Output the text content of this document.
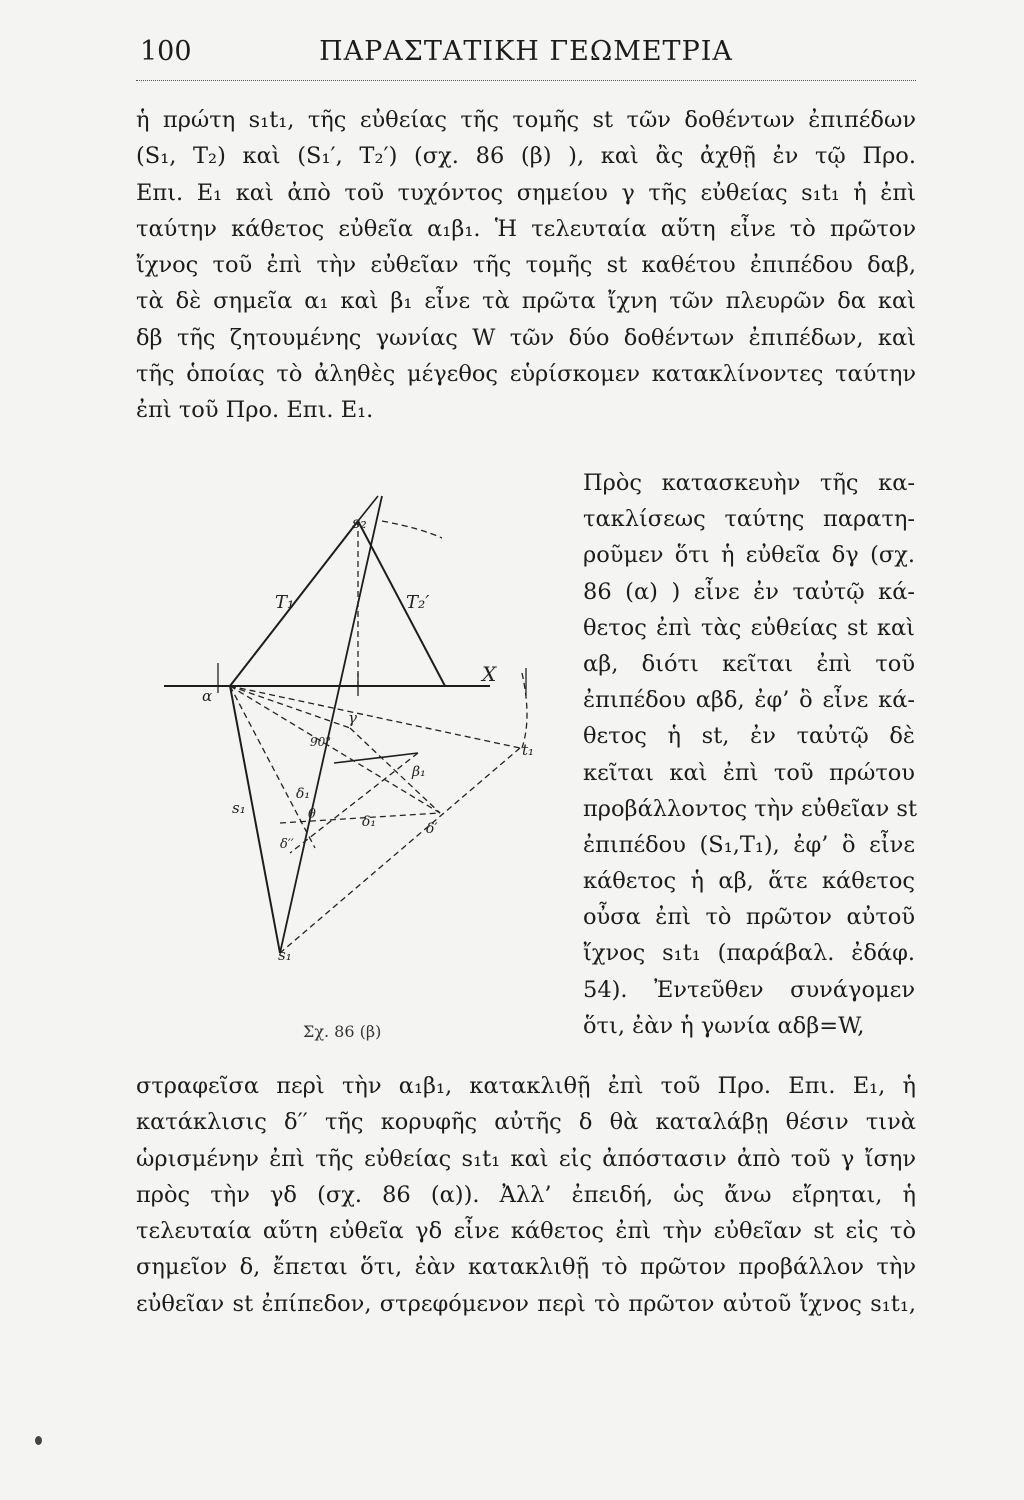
100	ΠΑΡΑΣΤΑΤΙΚΗ ΓΕΩΜΕΤΡΙΑ
ἡ πρώτη s₁t₁, τῆς εὐθείας τῆς τομῆς st τῶν δοθέντων ἐπιπέδων
(S₁, T₂) καὶ (S₁′, T₂′) (σχ. 86 (β) ), καὶ ἂς ἀχθῇ ἐν τῷ Προ.
Επι. Ε₁ καὶ ἀπὸ τοῦ τυχόντος σημείου γ τῆς εὐθείας s₁t₁ ἡ ἐπὶ
ταύτην κάθετος εὐθεῖα α₁β₁. Ἡ τελευταία αὕτη εἶνε τὸ πρῶτον
ἴχνος τοῦ ἐπὶ τὴν εὐθεῖαν τῆς τομῆς st καθέτου ἐπιπέδου δαβ,
τὰ δὲ σημεῖα α₁ καὶ β₁ εἶνε τὰ πρῶτα ἴχνη τῶν πλευρῶν δα καὶ
δβ τῆς ζητουμένης γωνίας W τῶν δύο δοθέντων ἐπιπέδων, καὶ
τῆς ὁποίας τὸ ἀληθὲς μέγεθος εὑρίσκομεν κατακλίνοντες ταύτην
ἐπὶ τοῦ Προ. Επι. Ε₁.
Πρὸς κατασκευὴν τῆς κα-
τακλίσεως ταύτης παρατη-
ροῦμεν ὅτι ἡ εὐθεῖα δγ (σχ.
86 (α) ) εἶνε ἐν ταὐτῷ κά-
θετος ἐπὶ τὰς εὐθείας st καὶ
αβ, διότι κεῖται ἐπὶ τοῦ
ἐπιπέδου αβδ, ἐφ’ ὃ εἶνε κά-
θετος ἡ st, ἐν ταὐτῷ δὲ
κεῖται καὶ ἐπὶ τοῦ πρώτου
προβάλλοντος τὴν εὐθεῖαν st
ἐπιπέδου (S₁,T₁), ἐφ’ ὃ εἶνε
κάθετος ἡ αβ, ἅτε κάθετος
οὖσα ἐπὶ τὸ πρῶτον αὐτοῦ
ἴχνος s₁t₁ (παράβαλ. ἐδάφ.
54). Ἐντεῦθεν συνάγομεν
ὅτι, ἐὰν ἡ γωνία αδβ=W,
s₂
T₁	T₂′
X
α
t₁
γ
90°
β₁
δ₁
θ
δ′
s₁
δ′′
δ₁
s₁
Σχ. 86 (β)
στραφεῖσα περὶ τὴν α₁β₁, κατακλιθῇ ἐπὶ τοῦ Προ. Επι. Ε₁, ἡ
κατάκλισις δ′′ τῆς κορυφῆς αὐτῆς δ θὰ καταλάβῃ θέσιν τινὰ
ὡρισμένην ἐπὶ τῆς εὐθείας s₁t₁ καὶ εἰς ἀπόστασιν ἀπὸ τοῦ γ ἴσην
πρὸς τὴν γδ (σχ. 86 (α)). Ἀλλ’ ἐπειδή, ὡς ἄνω εἴρηται, ἡ
τελευταία αὕτη εὐθεῖα γδ εἶνε κάθετος ἐπὶ τὴν εὐθεῖαν st εἰς τὸ
σημεῖον δ, ἔπεται ὅτι, ἐὰν κατακλιθῇ τὸ πρῶτον προβάλλον τὴν
εὐθεῖαν st ἐπίπεδον, στρεφόμενον περὶ τὸ πρῶτον αὐτοῦ ἴχνος s₁t₁,
